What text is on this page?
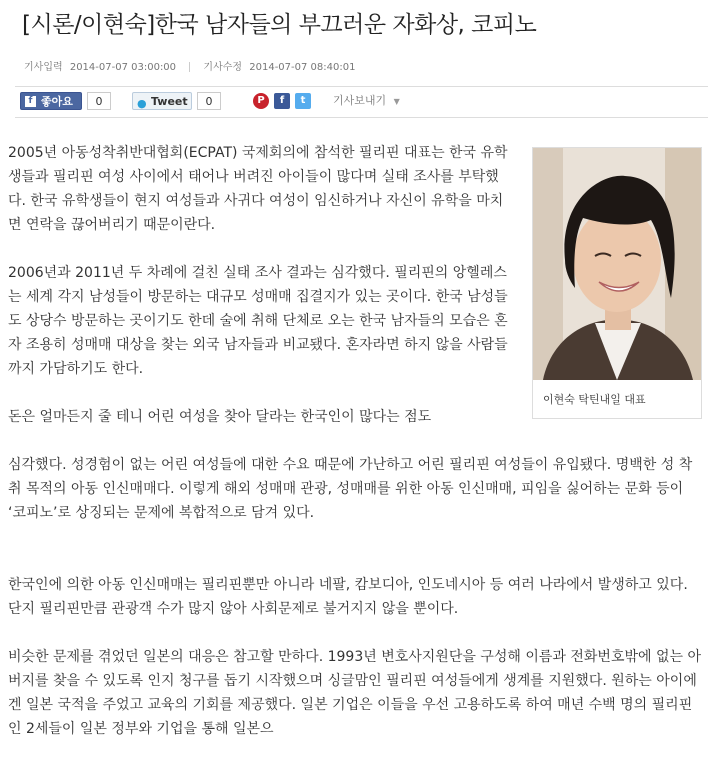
[시론/이현숙]한국 남자들의 부끄러운 자화상, 코피노
기사입력 2014-07-07 03:00:00	기사수정 2014-07-07 08:40:01
f 좋아요	0	● Tweet	0	P	f	t	기사보내기 ▼
이현숙 탁틴내일 대표
2005년 아동성착취반대협회(ECPAT) 국제회의에 참석한 필리핀 대표는 한국 유학생들과 필리핀 여성 사이에서 태어나 버려진 아이들이 많다며 실태 조사를 부탁했다. 한국 유학생들이 현지 여성들과 사귀다 여성이 임신하거나 자신이 유학을 마치면 연락을 끊어버리기 때문이란다.
2006년과 2011년 두 차례에 걸친 실태 조사 결과는 심각했다. 필리핀의 앙헬레스는 세계 각지 남성들이 방문하는 대규모 성매매 집결지가 있는 곳이다. 한국 남성들도 상당수 방문하는 곳이기도 한데 술에 취해 단체로 오는 한국 남자들의 모습은 혼자 조용히 성매매 대상을 찾는 외국 남자들과 비교됐다. 혼자라면 하지 않을 사람들까지 가담하기도 한다.
돈은 얼마든지 줄 테니 어린 여성을 찾아 달라는 한국인이 많다는 점도
심각했다. 성경험이 없는 어린 여성들에 대한 수요 때문에 가난하고 어린 필리핀 여성들이 유입됐다. 명백한 성 착취 목적의 아동 인신매매다. 이렇게 해외 성매매 관광, 성매매를 위한 아동 인신매매, 피임을 싫어하는 문화 등이 ‘코피노’로 상징되는 문제에 복합적으로 담겨 있다.
한국인에 의한 아동 인신매매는 필리핀뿐만 아니라 네팔, 캄보디아, 인도네시아 등 여러 나라에서 발생하고 있다. 단지 필리핀만큼 관광객 수가 많지 않아 사회문제로 불거지지 않을 뿐이다.
비슷한 문제를 겪었던 일본의 대응은 참고할 만하다. 1993년 변호사지원단을 구성해 이름과 전화번호밖에 없는 아버지를 찾을 수 있도록 인지 청구를 돕기 시작했으며 싱글맘인 필리핀 여성들에게 생계를 지원했다. 원하는 아이에겐 일본 국적을 주었고 교육의 기회를 제공했다. 일본 기업은 이들을 우선 고용하도록 하여 매년 수백 명의 필리핀인 2세들이 일본 정부와 기업을 통해 일본으
